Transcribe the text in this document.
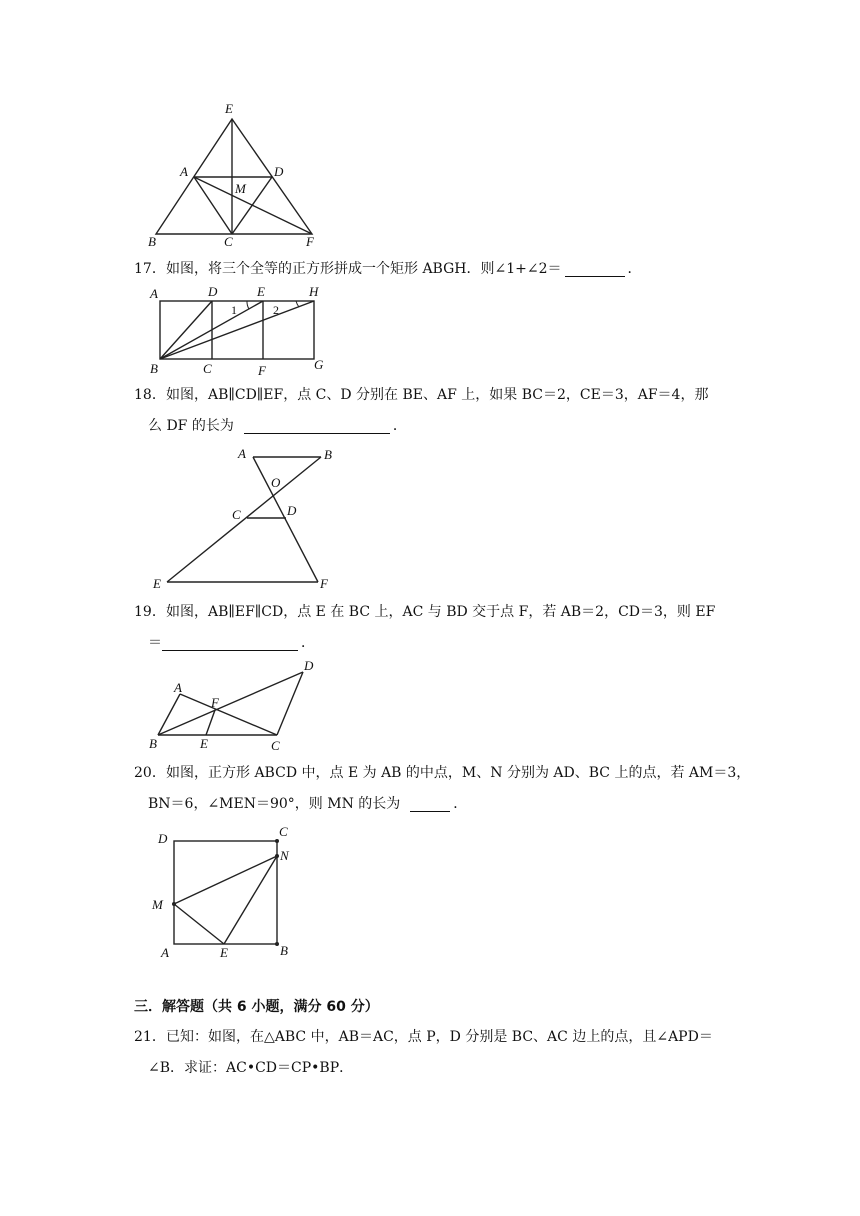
E
A	D
M
B	C	F
17． 如图，将三个全等的正方形拼成一个矩形 ABGH．则∠1+∠2＝	．
A	D	E	H
1	2
B	C	F	G
18． 如图，AB∥CD∥EF，点 C、D 分别在 BE、AF 上，如果 BC＝2，CE＝3，AF＝4，那
么 DF 的长为	．
A	B
O
C	D
E	F
19． 如图，AB∥EF∥CD，点 E 在 BC 上，AC 与 BD 交于点 F，若 AB＝2，CD＝3，则 EF
＝	．
A
F
D
B	E	C
20． 如图，正方形 ABCD 中，点 E 为 AB 的中点，M、N 分别为 AD、BC 上的点，若 AM＝3，
BN＝6，∠MEN＝90°，则 MN 的长为	．
D	C
N
M
A	E	B
三．解答题（共 6 小题，满分 60 分）
21． 已知：如图，在△ABC 中，AB＝AC，点 P，D 分别是 BC、AC 边上的点，且∠APD＝
∠B．求证：AC•CD＝CP•BP．
